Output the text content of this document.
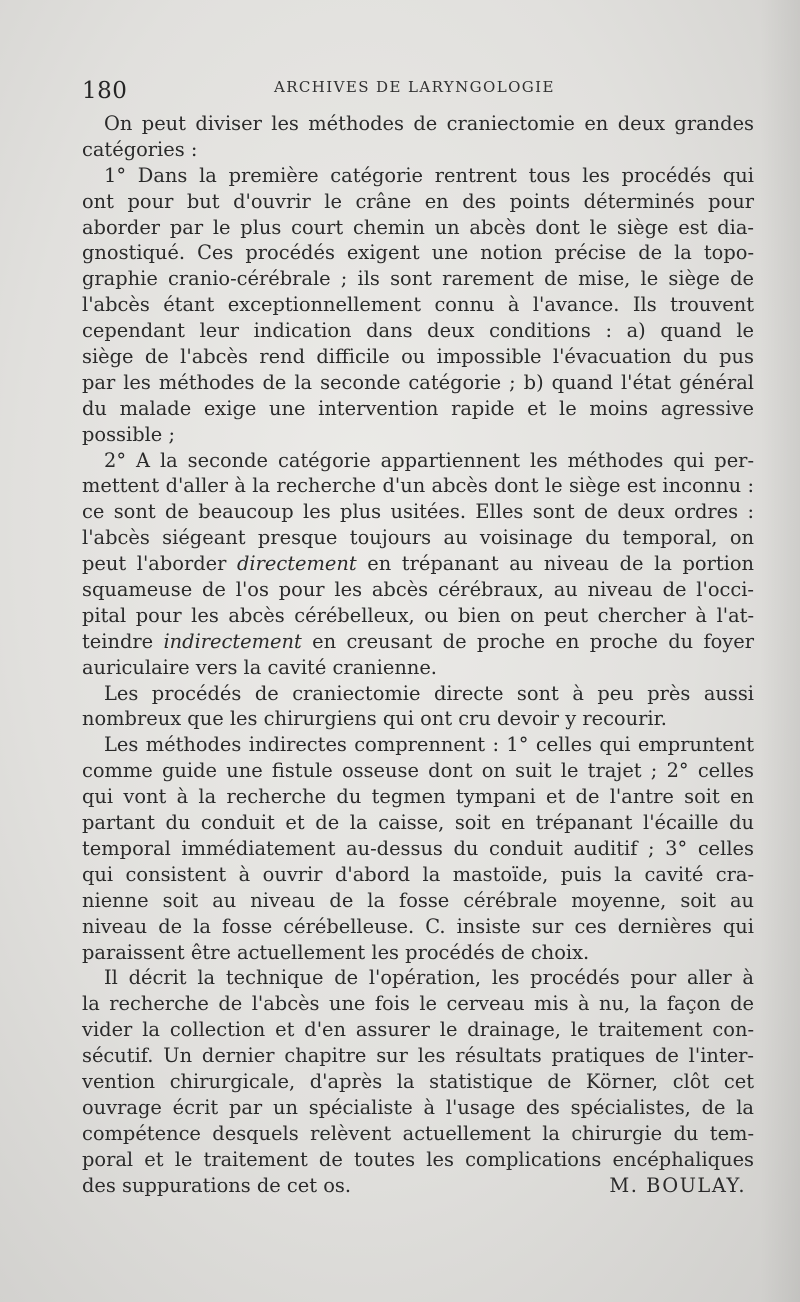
180	ARCHIVES DE LARYNGOLOGIE
On peut diviser les méthodes de craniectomie en deux grandes
catégories :
1° Dans la première catégorie rentrent tous les procédés qui
ont pour but d'ouvrir le crâne en des points déterminés pour
aborder par le plus court chemin un abcès dont le siège est dia-
gnostiqué. Ces procédés exigent une notion précise de la topo-
graphie cranio-cérébrale ; ils sont rarement de mise, le siège de
l'abcès étant exceptionnellement connu à l'avance. Ils trouvent
cependant leur indication dans deux conditions : a) quand le
siège de l'abcès rend difficile ou impossible l'évacuation du pus
par les méthodes de la seconde catégorie ; b) quand l'état général
du malade exige une intervention rapide et le moins agressive
possible ;
2° A la seconde catégorie appartiennent les méthodes qui per-
mettent d'aller à la recherche d'un abcès dont le siège est inconnu :
ce sont de beaucoup les plus usitées. Elles sont de deux ordres :
l'abcès siégeant presque toujours au voisinage du temporal, on
peut l'aborder directement en trépanant au niveau de la portion
squameuse de l'os pour les abcès cérébraux, au niveau de l'occi-
pital pour les abcès cérébelleux, ou bien on peut chercher à l'at-
teindre indirectement en creusant de proche en proche du foyer
auriculaire vers la cavité cranienne.
Les procédés de craniectomie directe sont à peu près aussi
nombreux que les chirurgiens qui ont cru devoir y recourir.
Les méthodes indirectes comprennent : 1° celles qui empruntent
comme guide une fistule osseuse dont on suit le trajet ; 2° celles
qui vont à la recherche du tegmen tympani et de l'antre soit en
partant du conduit et de la caisse, soit en trépanant l'écaille du
temporal immédiatement au-dessus du conduit auditif ; 3° celles
qui consistent à ouvrir d'abord la mastoïde, puis la cavité cra-
nienne soit au niveau de la fosse cérébrale moyenne, soit au
niveau de la fosse cérébelleuse. C. insiste sur ces dernières qui
paraissent être actuellement les procédés de choix.
Il décrit la technique de l'opération, les procédés pour aller à
la recherche de l'abcès une fois le cerveau mis à nu, la façon de
vider la collection et d'en assurer le drainage, le traitement con-
sécutif. Un dernier chapitre sur les résultats pratiques de l'inter-
vention chirurgicale, d'après la statistique de Körner, clôt cet
ouvrage écrit par un spécialiste à l'usage des spécialistes, de la
compétence desquels relèvent actuellement la chirurgie du tem-
poral et le traitement de toutes les complications encéphaliques
des suppurations de cet os.	M. BOULAY.
